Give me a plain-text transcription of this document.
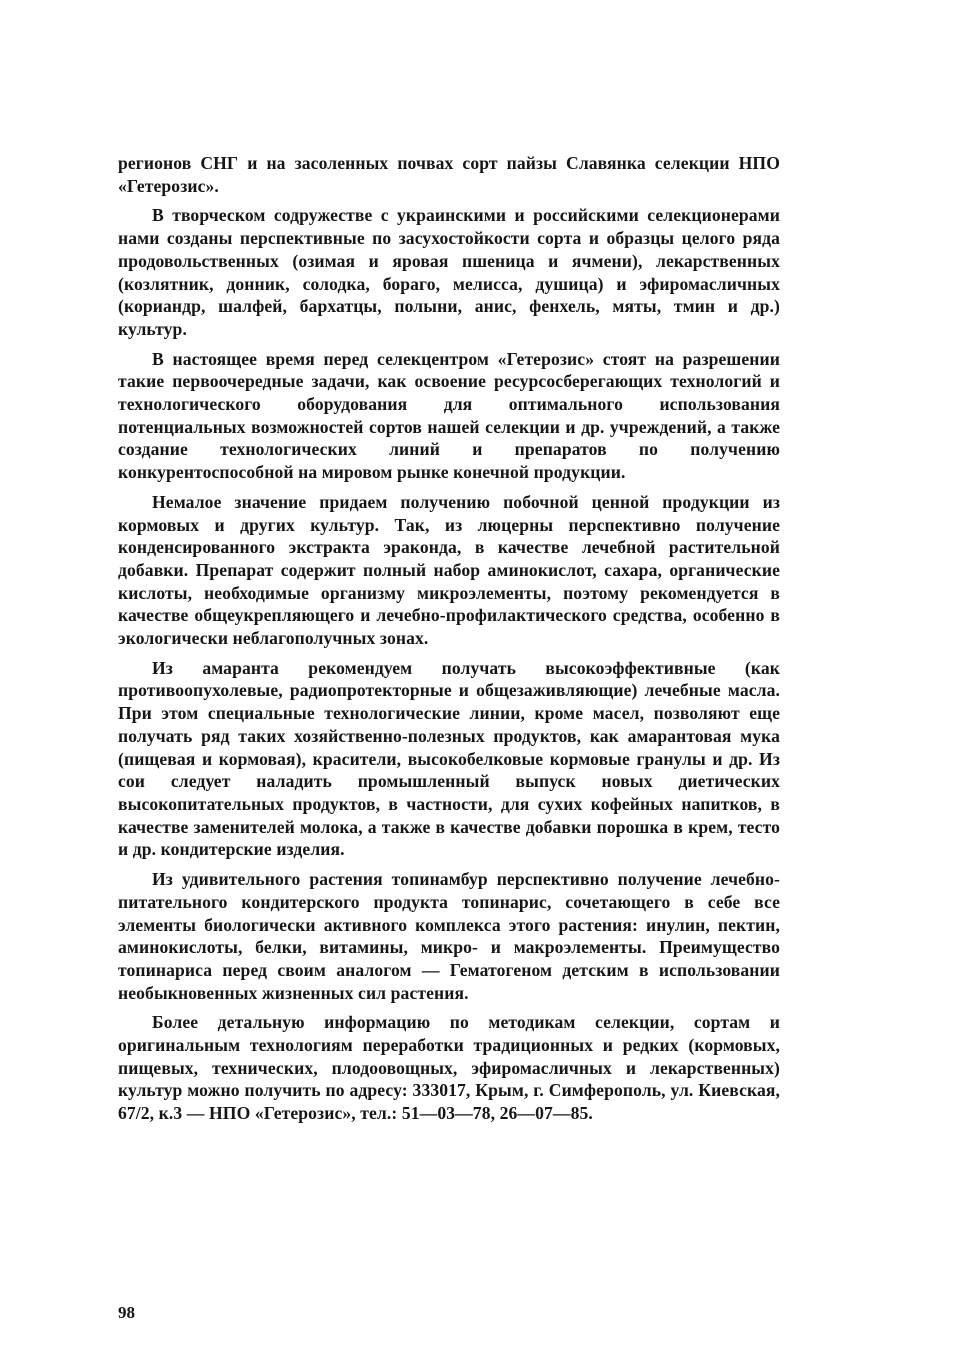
регионов СНГ и на засоленных почвах сорт пайзы Славянка селекции НПО «Гетерозис».

В творческом содружестве с украинскими и российскими селекционерами нами созданы перспективные по засухостойкости сорта и образцы целого ряда продовольственных (озимая и яровая пшеница и ячмени), лекарственных (козлятник, донник, солодка, бораго, мелисса, душица) и эфиромасличных (кориандр, шалфей, бархатцы, полыни, анис, фенхель, мяты, тмин и др.) культур.

В настоящее время перед селекцентром «Гетерозис» стоят на разрешении такие первоочередные задачи, как освоение ресурсосберегающих технологий и технологического оборудования для оптимального использования потенциальных возможностей сортов нашей селекции и др. учреждений, а также создание технологических линий и препаратов по получению конкурентоспособной на мировом рынке конечной продукции.

Немалое значение придаем получению побочной ценной продукции из кормовых и других культур. Так, из люцерны перспективно получение конденсированного экстракта эраконда, в качестве лечебной растительной добавки. Препарат содержит полный набор аминокислот, сахара, органические кислоты, необходимые организму микроэлементы, поэтому рекомендуется в качестве общеукрепляющего и лечебно-профилактического средства, особенно в экологически неблагополучных зонах.

Из амаранта рекомендуем получать высокоэффективные (как противоопухолевые, радиопротекторные и общезаживляющие) лечебные масла. При этом специальные технологические линии, кроме масел, позволяют еще получать ряд таких хозяйственно-полезных продуктов, как амарантовая мука (пищевая и кормовая), красители, высокобелковые кормовые гранулы и др. Из сои следует наладить промышленный выпуск новых диетических высокопитательных продуктов, в частности, для сухих кофейных напитков, в качестве заменителей молока, а также в качестве добавки порошка в крем, тесто и др. кондитерские изделия.

Из удивительного растения топинамбур перспективно получение лечебно-питательного кондитерского продукта топинарис, сочетающего в себе все элементы биологически активного комплекса этого растения: инулин, пектин, аминокислоты, белки, витамины, микро- и макроэлементы. Преимущество топинариса перед своим аналогом — Гематогеном детским в использовании необыкновенных жизненных сил растения.

Более детальную информацию по методикам селекции, сортам и оригинальным технологиям переработки традиционных и редких (кормовых, пищевых, технических, плодоовощных, эфиромасличных и лекарственных) культур можно получить по адресу: 333017, Крым, г. Симферополь, ул. Киевская, 67/2, к.3 — НПО «Гетерозис», тел.: 51—03—78, 26—07—85.

98
